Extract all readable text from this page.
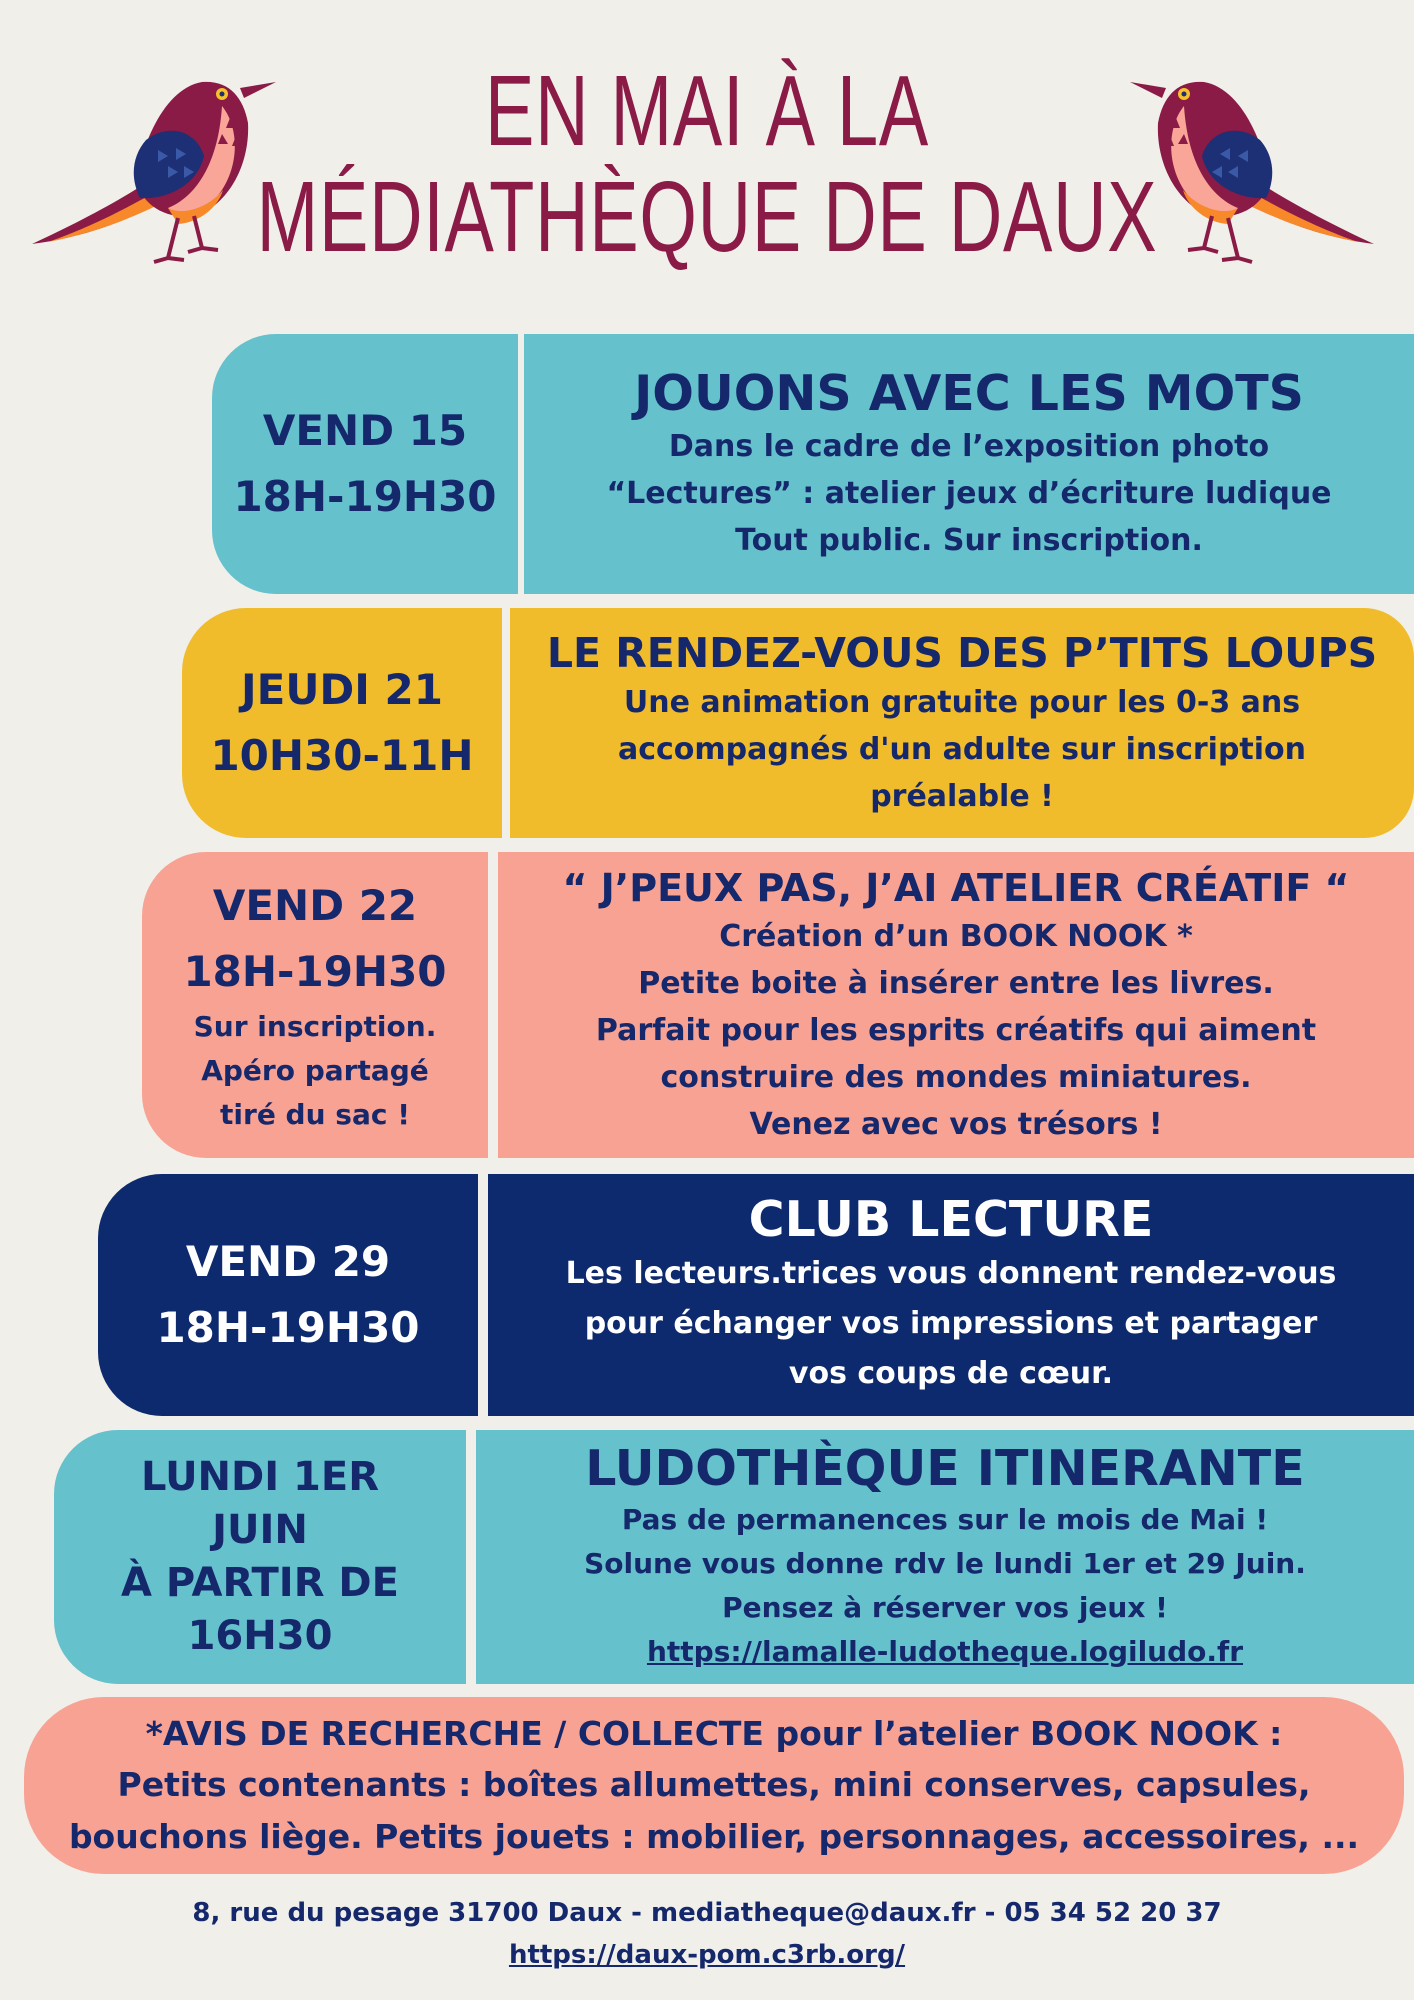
EN MAI À LA
MÉDIATHÈQUE DE DAUX
VEND 15
18H-19H30
JOUONS AVEC LES MOTS
Dans le cadre de l’exposition photo
“Lectures” : atelier jeux d’écriture ludique
Tout public. Sur inscription.
JEUDI 21
10H30-11H
LE RENDEZ-VOUS DES P’TITS LOUPS
Une animation gratuite pour les 0-3 ans
accompagnés d'un adulte sur inscription
préalable !
VEND 22
18H-19H30
Sur inscription.
Apéro partagé
tiré du sac !
“ J’PEUX PAS, J’AI ATELIER CRÉATIF “
Création d’un BOOK NOOK *
Petite boite à insérer entre les livres.
Parfait pour les esprits créatifs qui aiment
construire des mondes miniatures.
Venez avec vos trésors !
VEND 29
18H-19H30
CLUB LECTURE
Les lecteurs.trices vous donnent rendez-vous
pour échanger vos impressions et partager
vos coups de cœur.
LUNDI 1ER
JUIN
À PARTIR DE
16H30
LUDOTHÈQUE ITINERANTE
Pas de permanences sur le mois de Mai !
Solune vous donne rdv le lundi 1er et 29 Juin.
Pensez à réserver vos jeux !
https://lamalle-ludotheque.logiludo.fr
*AVIS DE RECHERCHE / COLLECTE pour l’atelier BOOK NOOK :
Petits contenants : boîtes allumettes, mini conserves, capsules,
bouchons liège. Petits jouets : mobilier, personnages, accessoires, ...
8, rue du pesage 31700 Daux - mediatheque@daux.fr - 05 34 52 20 37
https://daux-pom.c3rb.org/
